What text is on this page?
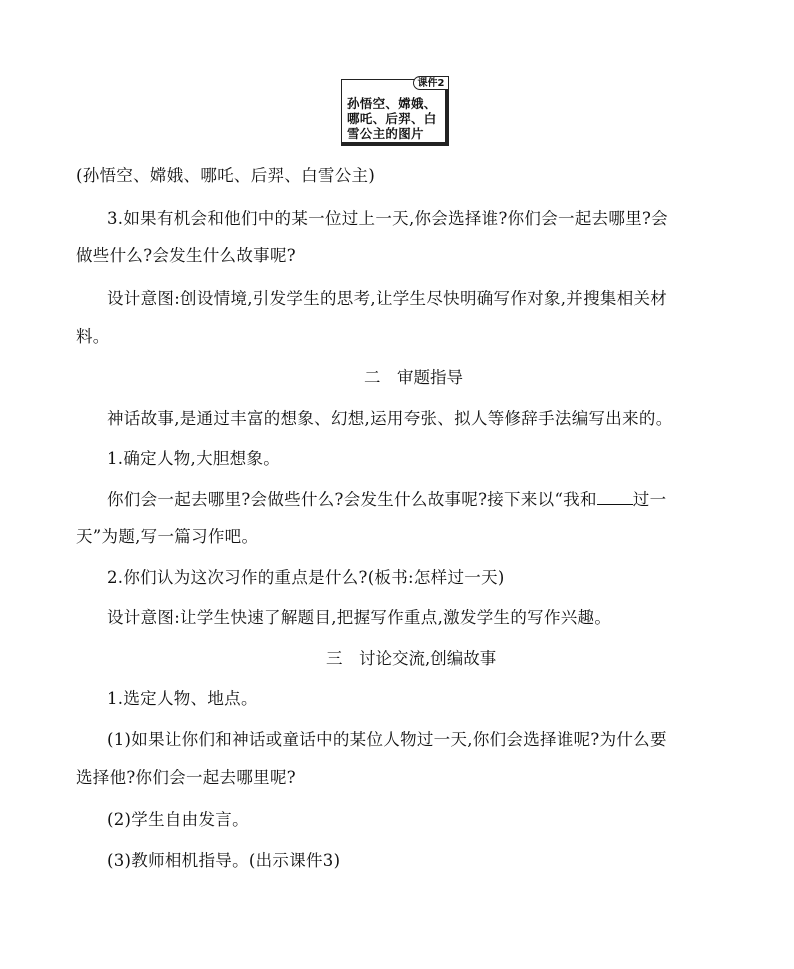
课件2
孙悟空、嫦娥、哪吒、后羿、白雪公主的图片
(孙悟空、嫦娥、哪吒、后羿、白雪公主)
3.如果有机会和他们中的某一位过上一天,你会选择谁?你们会一起去哪里?会
做些什么?会发生什么故事呢?
设计意图:创设情境,引发学生的思考,让学生尽快明确写作对象,并搜集相关材
料。
二　审题指导
神话故事,是通过丰富的想象、幻想,运用夸张、拟人等修辞手法编写出来的。
1.确定人物,大胆想象。
你们会一起去哪里?会做些什么?会发生什么故事呢?接下来以“我和 过一
天”为题,写一篇习作吧。
2.你们认为这次习作的重点是什么?(板书:怎样过一天)
设计意图:让学生快速了解题目,把握写作重点,激发学生的写作兴趣。
三　讨论交流,创编故事
1.选定人物、地点。
(1)如果让你们和神话或童话中的某位人物过一天,你们会选择谁呢?为什么要
选择他?你们会一起去哪里呢?
(2)学生自由发言。
(3)教师相机指导。(出示课件3)
